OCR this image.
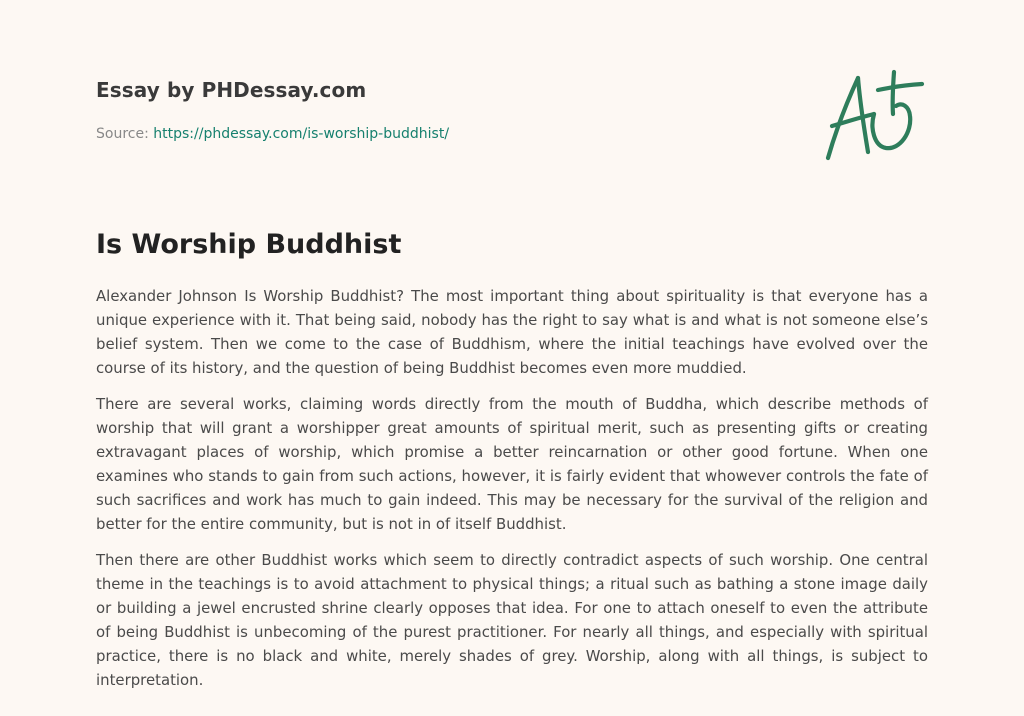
Essay by PHDessay.com
Source: https://phdessay.com/is-worship-buddhist/
Is Worship Buddhist

Alexander Johnson Is Worship Buddhist? The most important thing about spirituality is that everyone has a unique experience with it. That being said, nobody has the right to say what is and what is not someone else’s belief system. Then we come to the case of Buddhism, where the initial teachings have evolved over the course of its history, and the question of being Buddhist becomes even more muddied.

There are several works, claiming words directly from the mouth of Buddha, which describe methods of worship that will grant a worshipper great amounts of spiritual merit, such as presenting gifts or creating extravagant places of worship, which promise a better reincarnation or other good fortune. When one examines who stands to gain from such actions, however, it is fairly evident that whowever controls the fate of such sacrifices and work has much to gain indeed. This may be necessary for the survival of the religion and better for the entire community, but is not in of itself Buddhist.

Then there are other Buddhist works which seem to directly contradict aspects of such worship. One central theme in the teachings is to avoid attachment to physical things; a ritual such as bathing a stone image daily or building a jewel encrusted shrine clearly opposes that idea. For one to attach oneself to even the attribute of being Buddhist is unbecoming of the purest practitioner. For nearly all things, and especially with spiritual practice, there is no black and white, merely shades of grey. Worship, along with all things, is subject to interpretation.
